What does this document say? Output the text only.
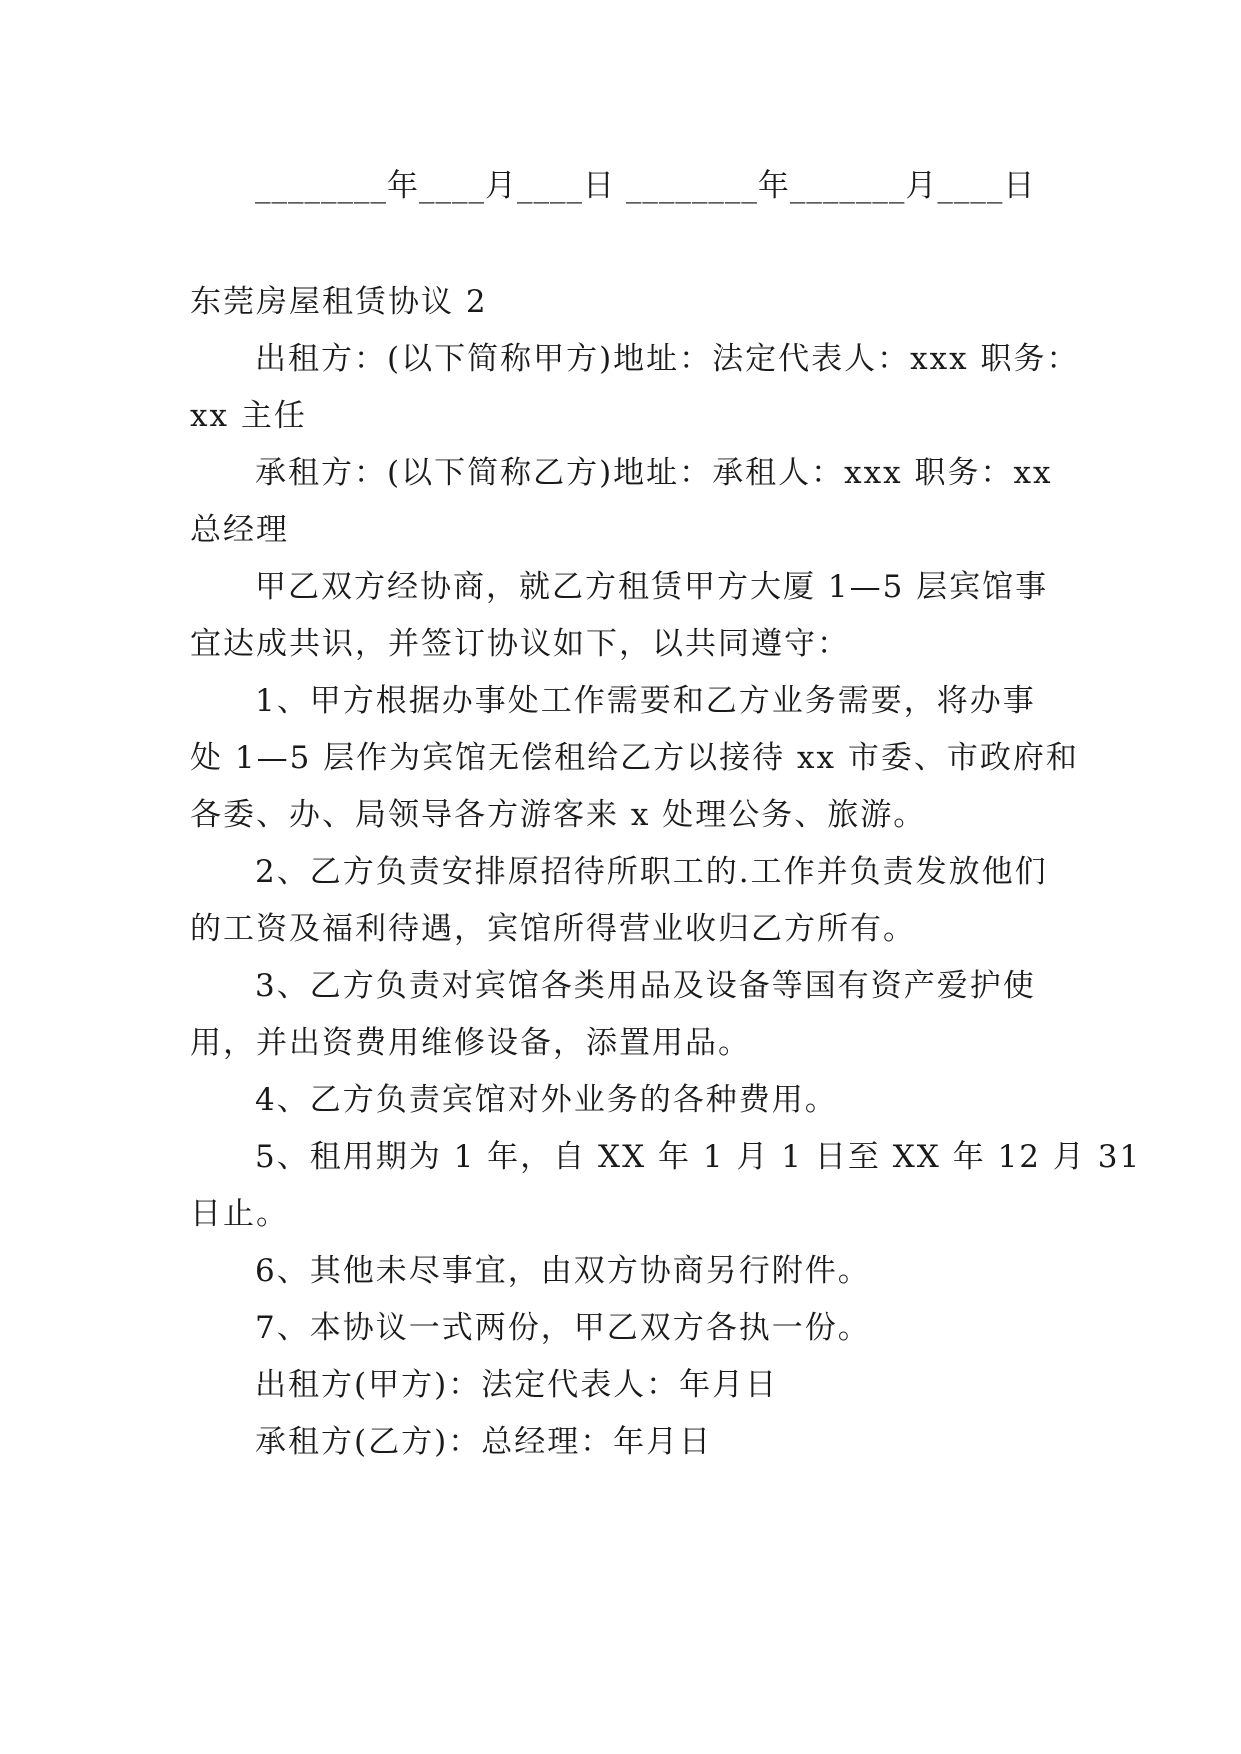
________年____月____日 ________年_______月____日
东莞房屋租赁协议 2
出租方：(以下简称甲方)地址：法定代表人：xxx 职务：
xx 主任
承租方：(以下简称乙方)地址：承租人：xxx 职务：xx
总经理
甲乙双方经协商，就乙方租赁甲方大厦 1—5 层宾馆事
宜达成共识，并签订协议如下，以共同遵守：
1、甲方根据办事处工作需要和乙方业务需要，将办事
处 1—5 层作为宾馆无偿租给乙方以接待 xx 市委、市政府和
各委、办、局领导各方游客来 x 处理公务、旅游。
2、乙方负责安排原招待所职工的.工作并负责发放他们
的工资及福利待遇，宾馆所得营业收归乙方所有。
3、乙方负责对宾馆各类用品及设备等国有资产爱护使
用，并出资费用维修设备，添置用品。
4、乙方负责宾馆对外业务的各种费用。
5、租用期为 1 年，自 XX 年 1 月 1 日至 XX 年 12 月 31
日止。
6、其他未尽事宜，由双方协商另行附件。
7、本协议一式两份，甲乙双方各执一份。
出租方(甲方)：法定代表人：年月日
承租方(乙方)：总经理：年月日
